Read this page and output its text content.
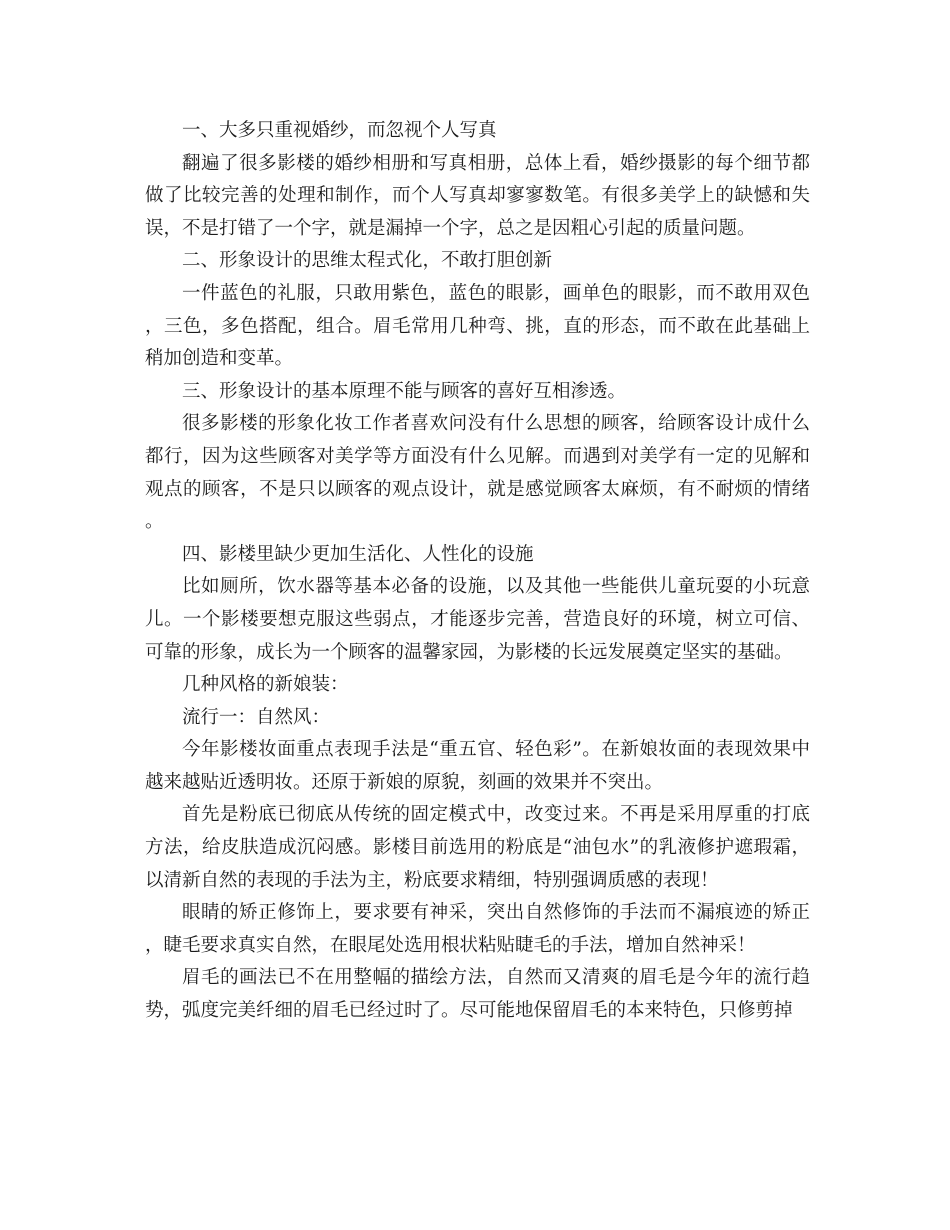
一、大多只重视婚纱，而忽视个人写真

翻遍了很多影楼的婚纱相册和写真相册，总体上看，婚纱摄影的每个细节都做了比较完善的处理和制作，而个人写真却寥寥数笔。有很多美学上的缺憾和失误，不是打错了一个字，就是漏掉一个字，总之是因粗心引起的质量问题。

二、形象设计的思维太程式化，不敢打胆创新

一件蓝色的礼服，只敢用紫色，蓝色的眼影，画单色的眼影，而不敢用双色，三色，多色搭配，组合。眉毛常用几种弯、挑，直的形态，而不敢在此基础上稍加创造和变革。

三、形象设计的基本原理不能与顾客的喜好互相渗透。

很多影楼的形象化妆工作者喜欢问没有什么思想的顾客，给顾客设计成什么都行，因为这些顾客对美学等方面没有什么见解。而遇到对美学有一定的见解和观点的顾客，不是只以顾客的观点设计，就是感觉顾客太麻烦，有不耐烦的情绪。

四、影楼里缺少更加生活化、人性化的设施

比如厕所，饮水器等基本必备的设施，以及其他一些能供儿童玩耍的小玩意儿。一个影楼要想克服这些弱点，才能逐步完善，营造良好的环境，树立可信、可靠的形象，成长为一个顾客的温馨家园，为影楼的长远发展奠定坚实的基础。

几种风格的新娘装：

流行一：自然风：

今年影楼妆面重点表现手法是“重五官、轻色彩”。在新娘妆面的表现效果中越来越贴近透明妆。还原于新娘的原貌，刻画的效果并不突出。

首先是粉底已彻底从传统的固定模式中，改变过来。不再是采用厚重的打底方法，给皮肤造成沉闷感。影楼目前选用的粉底是“油包水”的乳液修护遮瑕霜，以清新自然的表现的手法为主，粉底要求精细，特别强调质感的表现！

眼睛的矫正修饰上，要求要有神采，突出自然修饰的手法而不漏痕迹的矫正，睫毛要求真实自然，在眼尾处选用根状粘贴睫毛的手法，增加自然神采！

眉毛的画法已不在用整幅的描绘方法，自然而又清爽的眉毛是今年的流行趋势，弧度完美纤细的眉毛已经过时了。尽可能地保留眉毛的本来特色，只修剪掉
